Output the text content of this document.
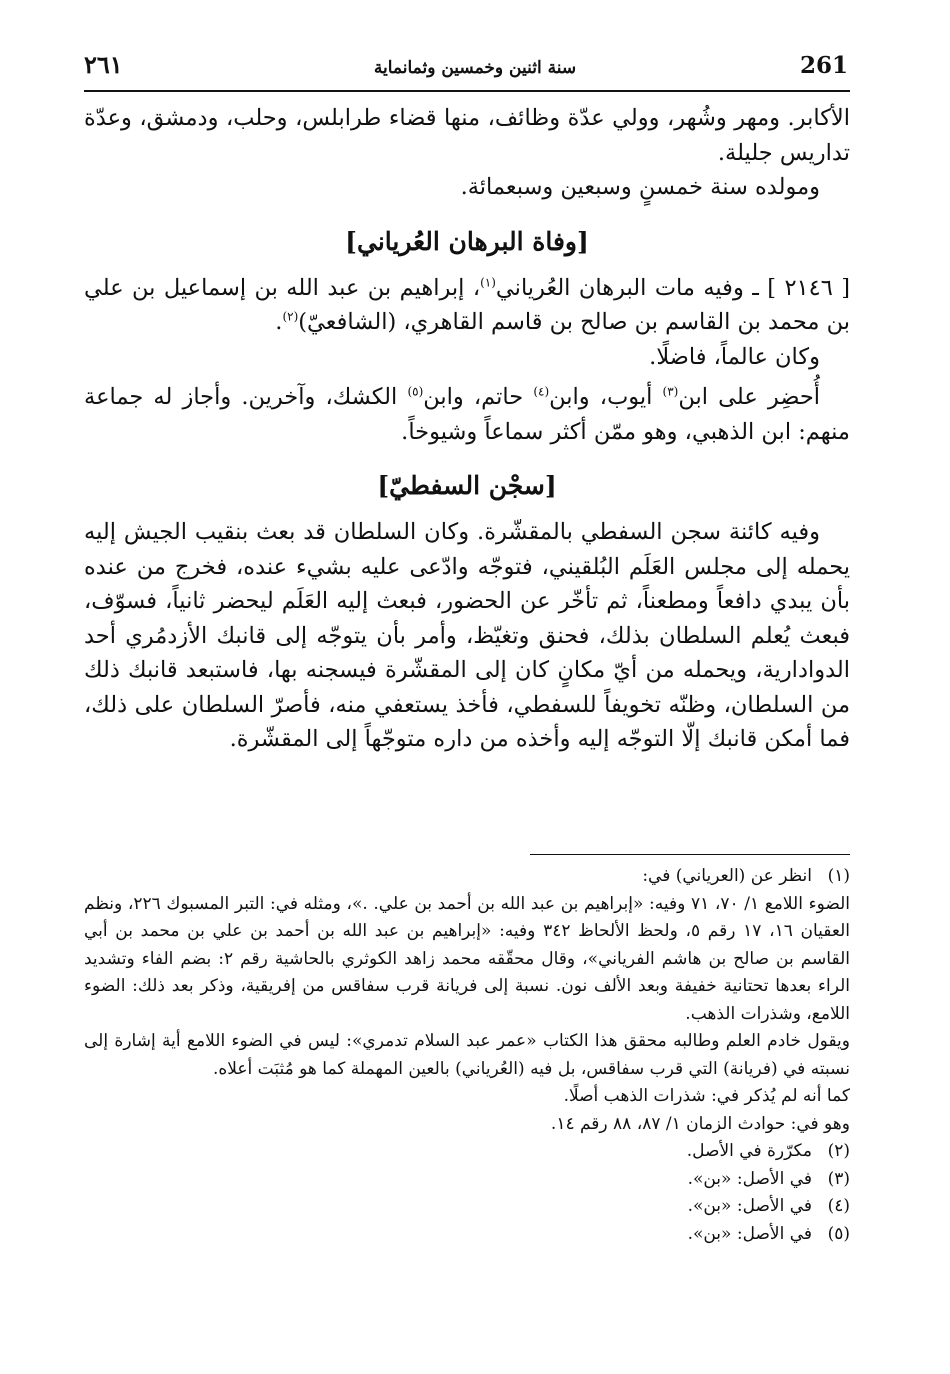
٢٦١	سنة اثنين وخمسين وثمانماية	261

الأكابر. ومهر وشُهر، وولي عدّة وظائف، منها قضاء طرابلس، وحلب، ودمشق، وعدّة تداريس جليلة.

ومولده سنة خمسنٍ وسبعين وسبعمائة.

[وفاة البرهان العُرياني]

[ ٢١٤٦ ] ـ وفيه مات البرهان العُرياني$^{(١)}$، إبراهيم بن عبد الله بن إسماعيل بن علي بن محمد بن القاسم بن صالح بن قاسم القاهري، (الشافعيّ)$^{(٢)}$.

وكان عالماً، فاضلًا.

أُحضِر على ابن$^{(٣)}$ أيوب، وابن$^{(٤)}$ حاتم، وابن$^{(٥)}$ الكشك، وآخرين. وأجاز له جماعة منهم: ابن الذهبي، وهو ممّن أكثر سماعاً وشيوخاً.

[سجْن السفطيّ]

وفيه كائنة سجن السفطي بالمقشّرة. وكان السلطان قد بعث بنقيب الجيش إليه يحمله إلى مجلس العَلَم البُلقيني، فتوجّه وادّعى عليه بشيء عنده، فخرج من عنده بأن يبدي دافعاً ومطعناً، ثم تأخّر عن الحضور، فبعث إليه العَلَم ليحضر ثانياً، فسوّف، فبعث يُعلم السلطان بذلك، فحنق وتغيّظ، وأمر بأن يتوجّه إلى قانبك الأزدمُري أحد الدوادارية، ويحمله من أيّ مكانٍ كان إلى المقشّرة فيسجنه بها، فاستبعد قانبك ذلك من السلطان، وظنّه تخويفاً للسفطي، فأخذ يستعفي منه، فأصرّ السلطان على ذلك، فما أمكن قانبك إلّا التوجّه إليه وأخذه من داره متوجّهاً إلى المقشّرة.

(١)
انظر عن (العرياني) في:
الضوء اللامع ١/ ٧٠، ٧١ وفيه: «إبراهيم بن عبد الله بن أحمد بن علي. .»، ومثله في: التبر المسبوك ٢٢٦، ونظم العقيان ١٦، ١٧ رقم ٥، ولحظ الألحاظ ٣٤٢ وفيه: «إبراهيم بن عبد الله بن أحمد بن علي بن محمد بن أبي القاسم بن صالح بن هاشم الفرياني»، وقال محقّقه محمد زاهد الكوثري بالحاشية رقم ٢: بضم الفاء وتشديد الراء بعدها تحتانية خفيفة وبعد الألف نون. نسبة إلى فريانة قرب سفاقس من إفريقية، وذكر بعد ذلك: الضوء اللامع، وشذرات الذهب.
ويقول خادم العلم وطالبه محقق هذا الكتاب «عمر عبد السلام تدمري»: ليس في الضوء اللامع أية إشارة إلى نسبته في (فريانة) التي قرب سفاقس، بل فيه (العُرياني) بالعين المهملة كما هو مُثبَت أعلاه.
كما أنه لم يُذكر في: شذرات الذهب أصلًا.
وهو في: حوادث الزمان ١/ ٨٧، ٨٨ رقم ١٤.
(٢)
مكرّرة في الأصل.
(٣)
في الأصل: «بن».
(٤)
في الأصل: «بن».
(٥)
في الأصل: «بن».
